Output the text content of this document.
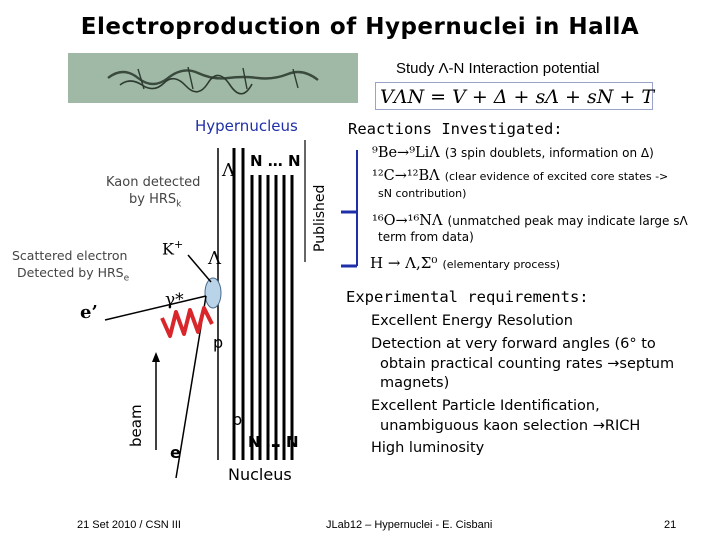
Electroproduction of Hypernuclei in HallA
Study Λ-N Interaction potential
VΛN = V + Δ + sΛ + sN + T
Hypernucleus
Kaon detected
by $HRS_k$
Scattered electron
Detected by $HRS_e$
K+
Λ N … N
Λ
γ*
e’
p
p
N … N
beam
e
Nucleus
Published
Reactions Investigated:
⁹Be→⁹LiΛ (3 spin doublets, information on Δ)
¹²C→¹²BΛ (clear evidence of excited core states ->
sN contribution)
¹⁶O→¹⁶NΛ (unmatched peak may indicate large sΛ
term from data)
H → Λ,Σ⁰ (elementary process)
Experimental requirements:
Excellent Energy Resolution
Detection at very forward angles (6° to
obtain practical counting rates →septum
magnets)
Excellent Particle Identification,
unambiguous kaon selection →RICH
High luminosity
21 Set 2010 / CSN III	JLab12 – Hypernuclei - E. Cisbani	21
